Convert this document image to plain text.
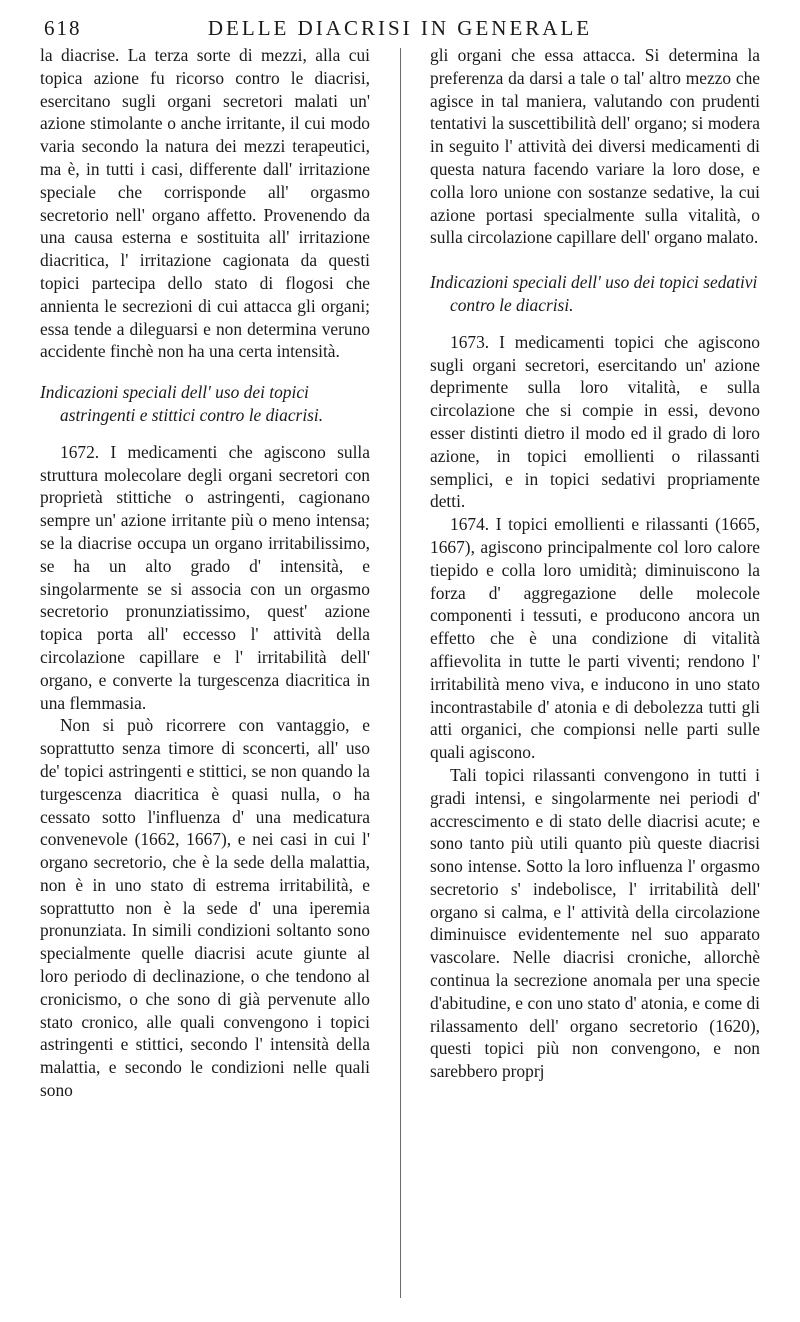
618	DELLE DIACRISI IN GENERALE

la diacrise. La terza sorte di mezzi, alla cui topica azione fu ricorso contro le diacrisi, esercitano sugli organi secretori malati un' azione stimolante o anche irritante, il cui modo varia secondo la natura dei mezzi terapeutici, ma è, in tutti i casi, differente dall' irritazione speciale che corrisponde all' orgasmo secretorio nell' organo affetto. Provenendo da una causa esterna e sostituita all' irritazione diacritica, l' irritazione cagionata da questi topici partecipa dello stato di flogosi che annienta le secrezioni di cui attacca gli organi; essa tende a dileguarsi e non determina veruno accidente finchè non ha una certa intensità.

Indicazioni speciali dell' uso dei topici astringenti e stittici contro le diacrisi.

1672. I medicamenti che agiscono sulla struttura molecolare degli organi secretori con proprietà stittiche o astringenti, cagionano sempre un' azione irritante più o meno intensa; se la diacrise occupa un organo irritabilissimo, se ha un alto grado d' intensità, e singolarmente se si associa con un orgasmo secretorio pronunziatissimo, quest' azione topica porta all' eccesso l' attività della circolazione capillare e l' irritabilità dell' organo, e converte la turgescenza diacritica in una flemmasia.

Non si può ricorrere con vantaggio, e soprattutto senza timore di sconcerti, all' uso de' topici astringenti e stittici, se non quando la turgescenza diacritica è quasi nulla, o ha cessato sotto l'influenza d' una medicatura convenevole (1662, 1667), e nei casi in cui l' organo secretorio, che è la sede della malattia, non è in uno stato di estrema irritabilità, e soprattutto non è la sede d' una iperemia pronunziata. In simili condizioni soltanto sono specialmente quelle diacrisi acute giunte al loro periodo di declinazione, o che tendono al cronicismo, o che sono di già pervenute allo stato cronico, alle quali convengono i topici astringenti e stittici, secondo l' intensità della malattia, e secondo le condizioni nelle quali sono

gli organi che essa attacca. Si determina la preferenza da darsi a tale o tal' altro mezzo che agisce in tal maniera, valutando con prudenti tentativi la suscettibilità dell' organo; si modera in seguito l' attività dei diversi medicamenti di questa natura facendo variare la loro dose, e colla loro unione con sostanze sedative, la cui azione portasi specialmente sulla vitalità, o sulla circolazione capillare dell' organo malato.

Indicazioni speciali dell' uso dei topici sedativi contro le diacrisi.

1673. I medicamenti topici che agiscono sugli organi secretori, esercitando un' azione deprimente sulla loro vitalità, e sulla circolazione che si compie in essi, devono esser distinti dietro il modo ed il grado di loro azione, in topici emollienti o rilassanti semplici, e in topici sedativi propriamente detti.

1674. I topici emollienti e rilassanti (1665, 1667), agiscono principalmente col loro calore tiepido e colla loro umidità; diminuiscono la forza d' aggregazione delle molecole componenti i tessuti, e producono ancora un effetto che è una condizione di vitalità affievolita in tutte le parti viventi; rendono l' irritabilità meno viva, e inducono in uno stato incontrastabile d' atonia e di debolezza tutti gli atti organici, che compionsi nelle parti sulle quali agiscono.

Tali topici rilassanti convengono in tutti i gradi intensi, e singolarmente nei periodi d' accrescimento e di stato delle diacrisi acute; e sono tanto più utili quanto più queste diacrisi sono intense. Sotto la loro influenza l' orgasmo secretorio s' indebolisce, l' irritabilità dell' organo si calma, e l' attività della circolazione diminuisce evidentemente nel suo apparato vascolare. Nelle diacrisi croniche, allorchè continua la secrezione anomala per una specie d'abitudine, e con uno stato d' atonia, e come di rilassamento dell' organo secretorio (1620), questi topici più non convengono, e non sarebbero proprj
